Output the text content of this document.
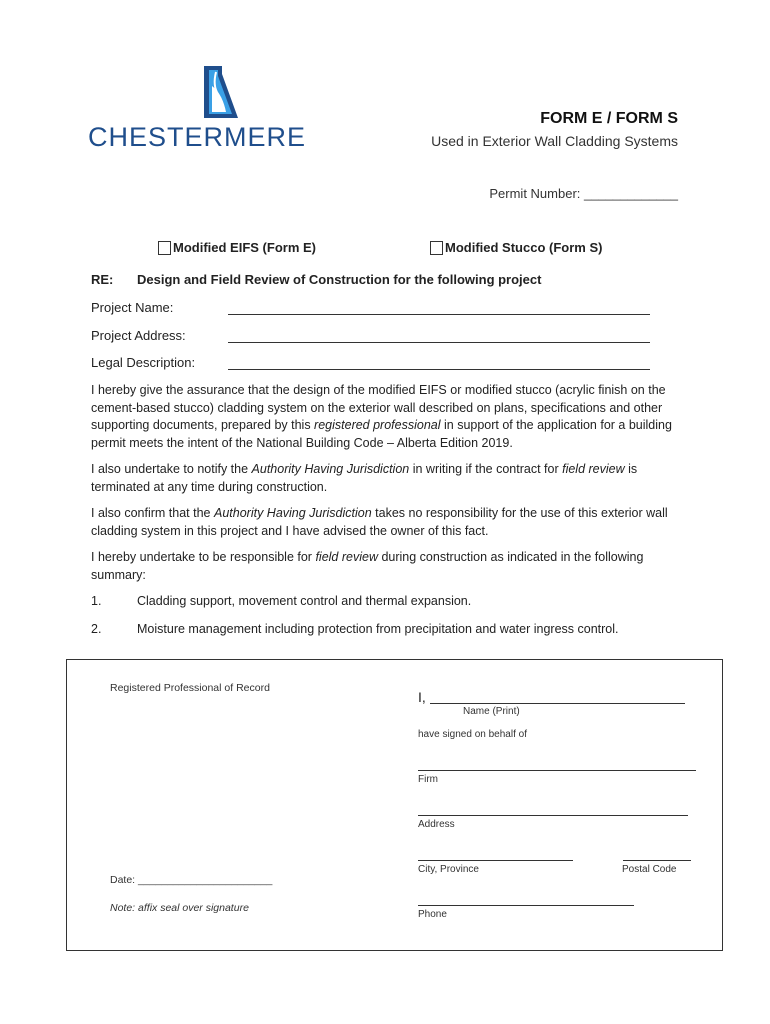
CHESTERMERE
FORM E / FORM S
Used in Exterior Wall Cladding Systems
Permit Number: _____________
Modified EIFS (Form E)	Modified Stucco (Form S)
RE: Design and Field Review of Construction for the following project
Project Name:
Project Address:
Legal Description:
I hereby give the assurance that the design of the modified EIFS or modified stucco (acrylic finish on the cement-based stucco) cladding system on the exterior wall described on plans, specifications and other supporting documents, prepared by this registered professional in support of the application for a building permit meets the intent of the National Building Code – Alberta Edition 2019.
I also undertake to notify the Authority Having Jurisdiction in writing if the contract for field review is terminated at any time during construction.
I also confirm that the Authority Having Jurisdiction takes no responsibility for the use of this exterior wall cladding system in this project and I have advised the owner of this fact.
I hereby undertake to be responsible for field review during construction as indicated in the following summary:
1.	Cladding support, movement control and thermal expansion.
2.	Moisture management including protection from precipitation and water ingress control.
Registered Professional of Record
I,
Name (Print)
have signed on behalf of
Firm
Address
City, Province	Postal Code
Date: _______________________
Phone
Note: affix seal over signature
